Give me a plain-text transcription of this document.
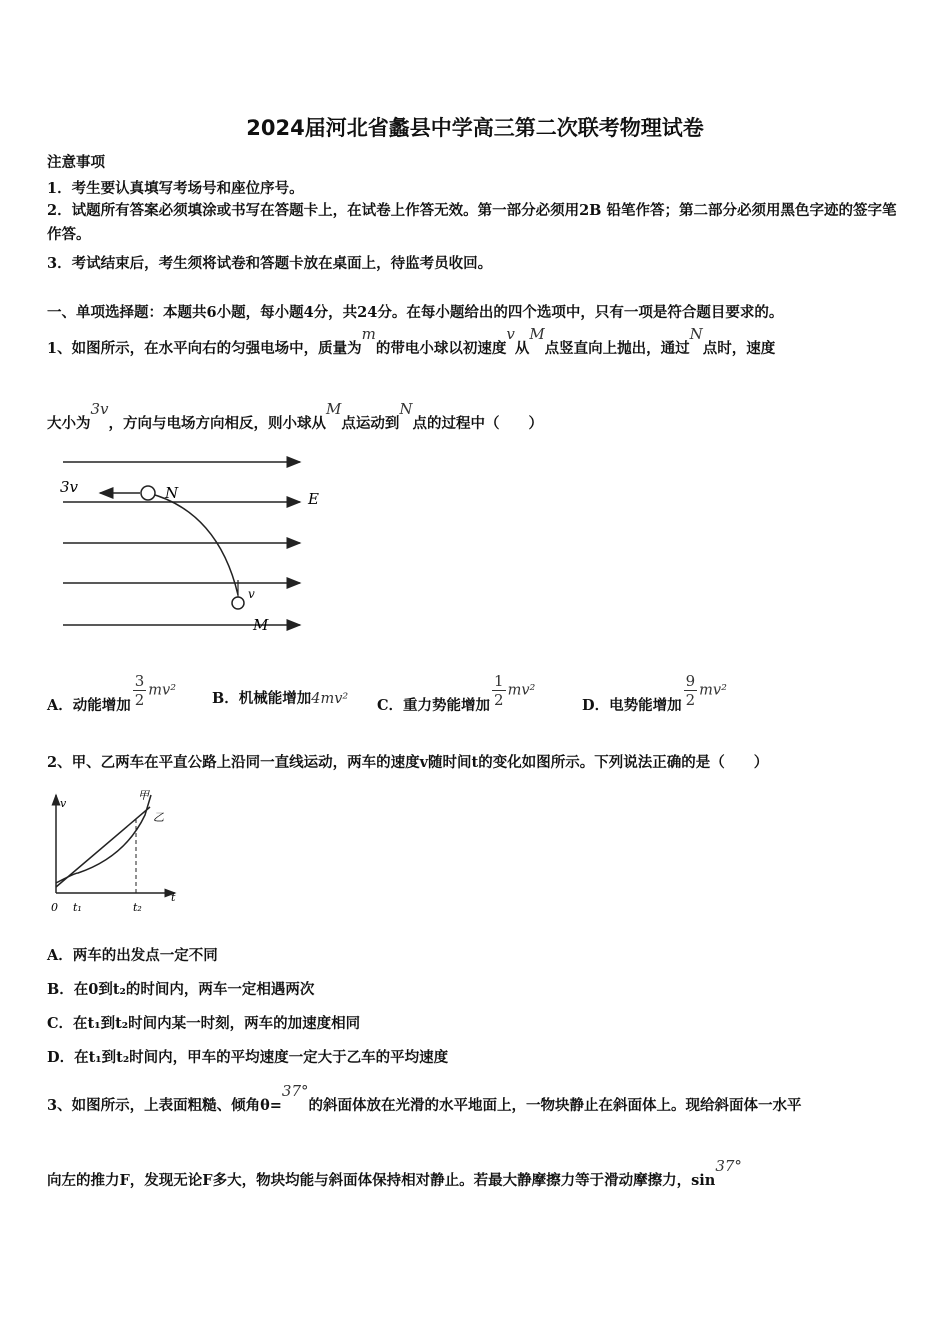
2024届河北省蠡县中学高三第二次联考物理试卷
注意事项
1．考生要认真填写考场号和座位序号。
2．试题所有答案必须填涂或书写在答题卡上，在试卷上作答无效。第一部分必须用2B 铅笔作答；第二部分必须用黑色字迹的签字笔作答。
3．考试结束后，考生须将试卷和答题卡放在桌面上，待监考员收回。
一、单项选择题：本题共6小题，每小题4分，共24分。在每小题给出的四个选项中，只有一项是符合题目要求的。
1、如图所示，在水平向右的匀强电场中，质量为m的带电小球以初速度v从M点竖直向上抛出，通过N点时，速度
大小为3v，方向与电场方向相反，则小球从M点运动到N点的过程中（　　）
3v	N	E
v
M
A．动能增加 $\frac{3}{2} mv^2$ B．机械能增加4mv² C．重力势能增加 $\frac{1}{2} mv^2$
D．电势能增加 $\frac{9}{2} mv^2$
2、甲、乙两车在平直公路上沿同一直线运动，两车的速度v随时间t的变化如图所示。下列说法正确的是（　　）
v
甲
乙
0 t₁	t₂
t
A．两车的出发点一定不同
B．在0到t₂的时间内，两车一定相遇两次
C．在t₁到t₂时间内某一时刻，两车的加速度相同
D．在t₁到t₂时间内，甲车的平均速度一定大于乙车的平均速度
3、如图所示，上表面粗糙、倾角θ=37°的斜面体放在光滑的水平地面上，一物块静止在斜面体上。现给斜面体一水平
向左的推力F，发现无论F多大，物块均能与斜面体保持相对静止。若最大静摩擦力等于滑动摩擦力，sin37°
